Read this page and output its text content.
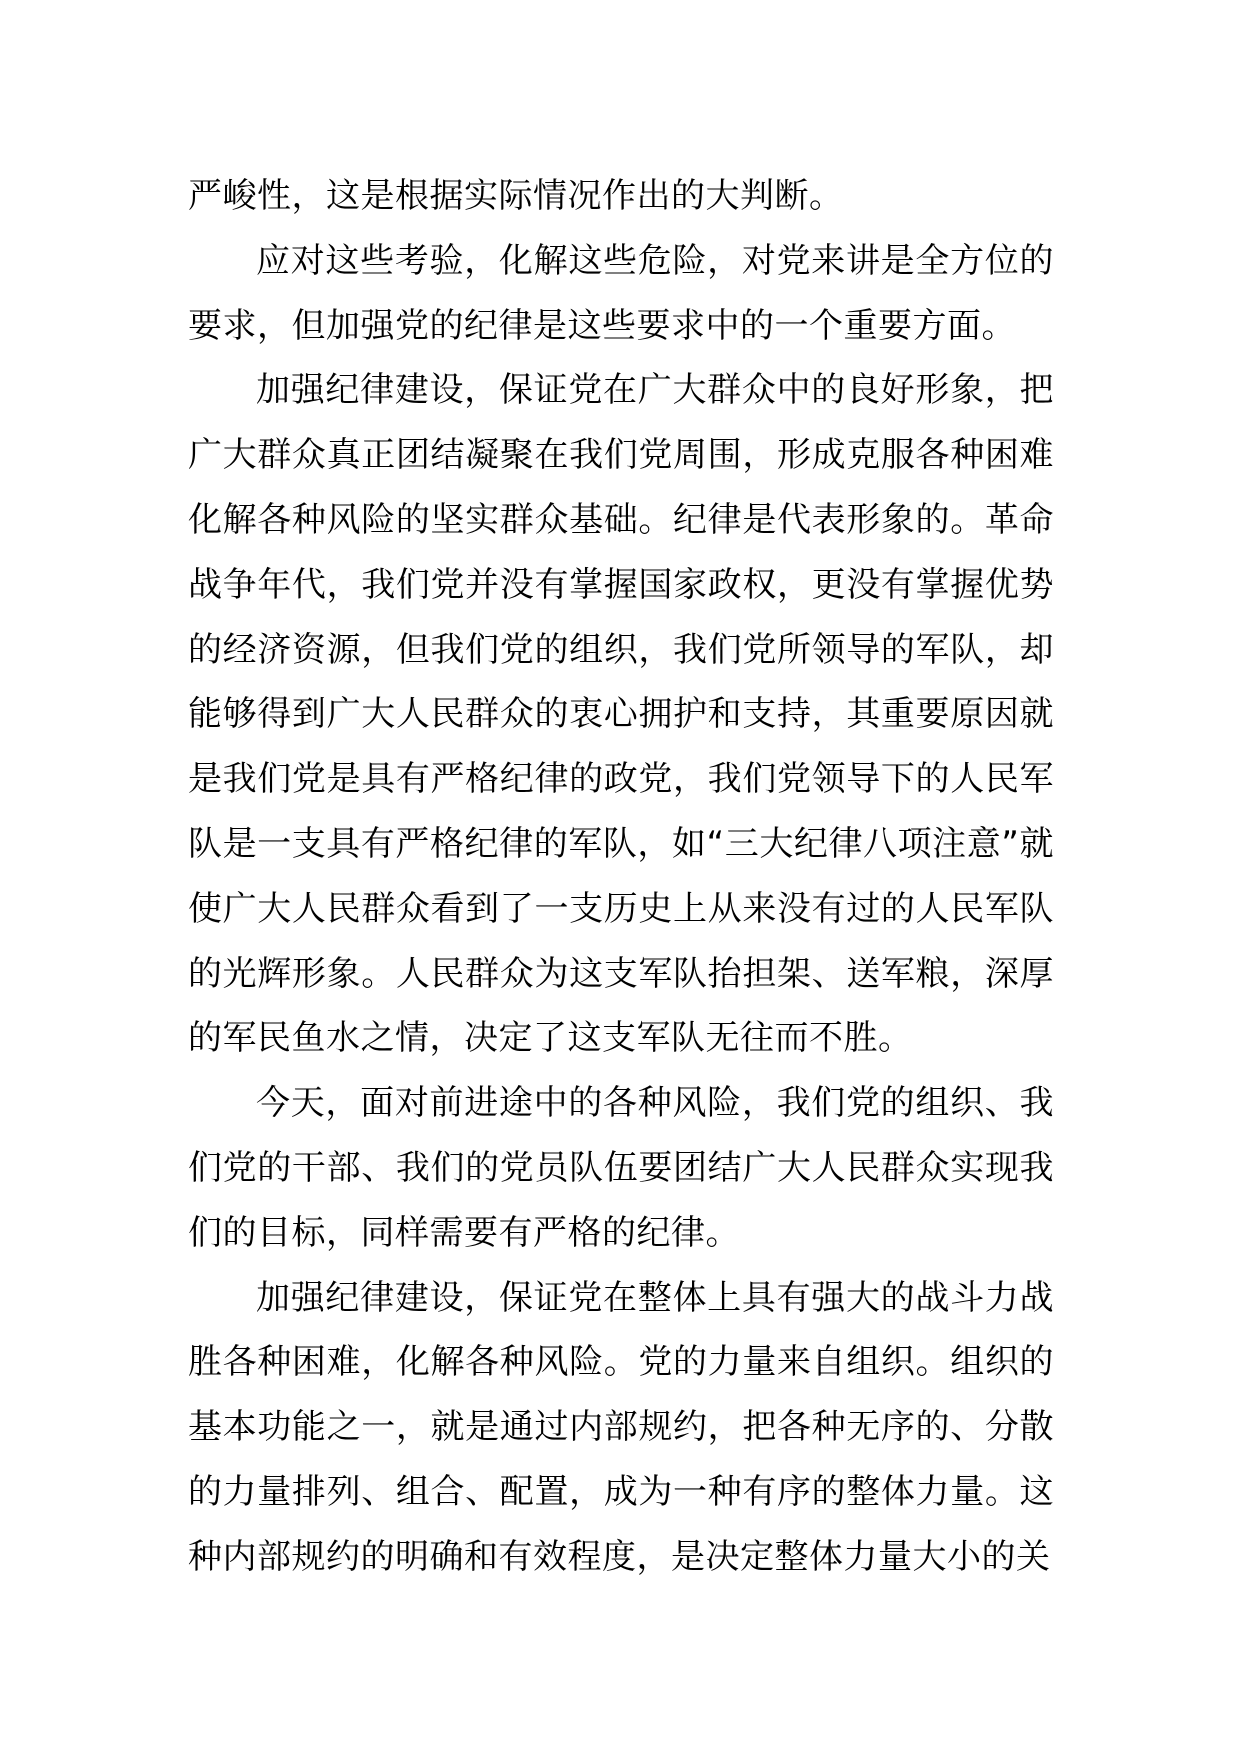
严峻性，这是根据实际情况作出的大判断。

应对这些考验，化解这些危险，对党来讲是全方位的要求，但加强党的纪律是这些要求中的一个重要方面。

加强纪律建设，保证党在广大群众中的良好形象，把广大群众真正团结凝聚在我们党周围，形成克服各种困难化解各种风险的坚实群众基础。纪律是代表形象的。革命战争年代，我们党并没有掌握国家政权，更没有掌握优势的经济资源，但我们党的组织，我们党所领导的军队，却能够得到广大人民群众的衷心拥护和支持，其重要原因就是我们党是具有严格纪律的政党，我们党领导下的人民军队是一支具有严格纪律的军队，如“三大纪律八项注意”就使广大人民群众看到了一支历史上从来没有过的人民军队的光辉形象。人民群众为这支军队抬担架、送军粮，深厚的军民鱼水之情，决定了这支军队无往而不胜。

今天，面对前进途中的各种风险，我们党的组织、我们党的干部、我们的党员队伍要团结广大人民群众实现我们的目标，同样需要有严格的纪律。

加强纪律建设，保证党在整体上具有强大的战斗力战胜各种困难，化解各种风险。党的力量来自组织。组织的基本功能之一，就是通过内部规约，把各种无序的、分散的力量排列、组合、配置，成为一种有序的整体力量。这种内部规约的明确和有效程度，是决定整体力量大小的关
